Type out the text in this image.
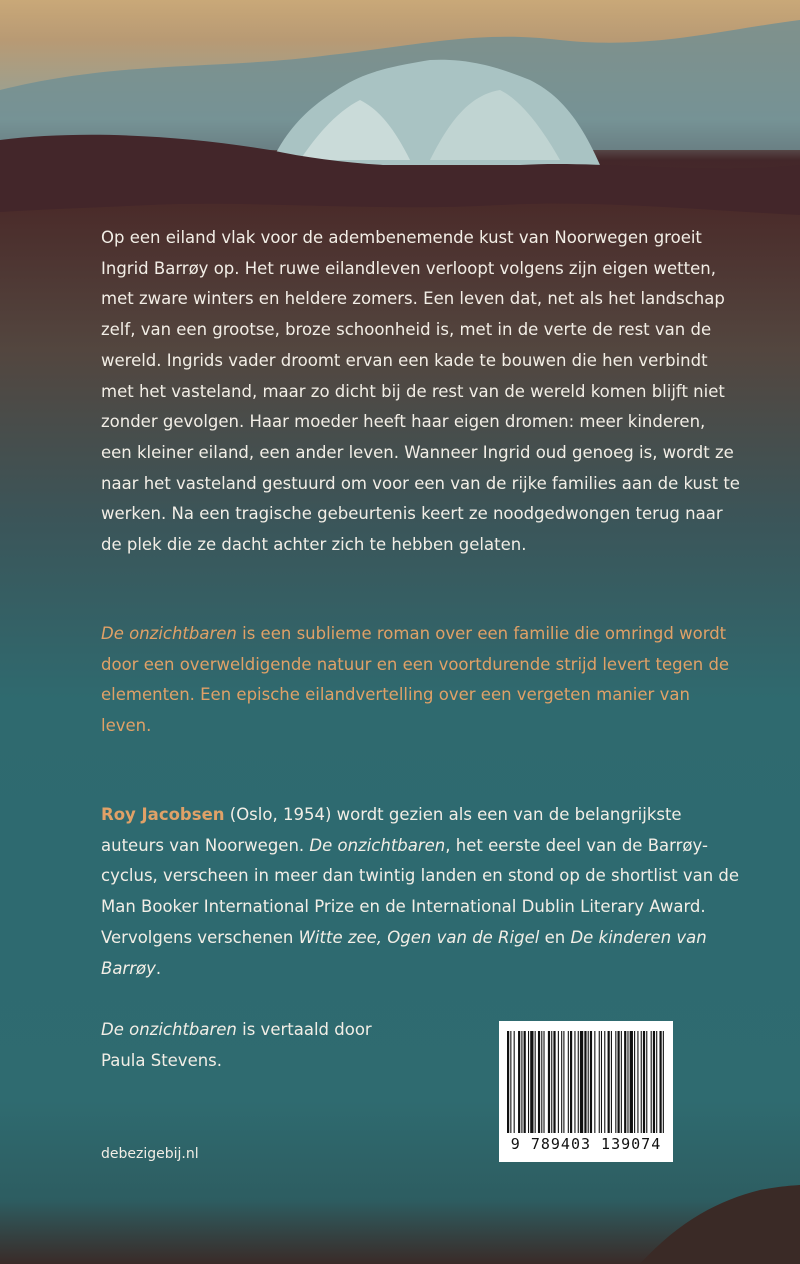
Op een eiland vlak voor de adembenemende kust van Noorwegen groeit Ingrid Barrøy op. Het ruwe eilandleven verloopt volgens zijn eigen wetten, met zware winters en heldere zomers. Een leven dat, net als het landschap zelf, van een grootse, broze schoonheid is, met in de verte de rest van de wereld. Ingrids vader droomt ervan een kade te bouwen die hen verbindt met het vasteland, maar zo dicht bij de rest van de wereld komen blijft niet zonder gevolgen. Haar moeder heeft haar eigen dromen: meer kinderen, een kleiner eiland, een ander leven. Wanneer Ingrid oud genoeg is, wordt ze naar het vasteland gestuurd om voor een van de rijke families aan de kust te werken. Na een tragische gebeurtenis keert ze noodgedwongen terug naar de plek die ze dacht achter zich te hebben gelaten.

De onzichtbaren is een sublieme roman over een familie die omringd wordt door een overweldigende natuur en een voortdurende strijd levert tegen de elementen. Een epische eilandvertelling over een vergeten manier van leven.

Roy Jacobsen (Oslo, 1954) wordt gezien als een van de belangrijkste auteurs van Noorwegen. De onzichtbaren, het eerste deel van de Barrøy-cyclus, verscheen in meer dan twintig landen en stond op de shortlist van de Man Booker International Prize en de International Dublin Literary Award. Vervolgens verschenen Witte zee, Ogen van de Rigel en De kinderen van Barrøy.

De onzichtbaren is vertaald door Paula Stevens.

debezigebij.nl
9 789403 139074
